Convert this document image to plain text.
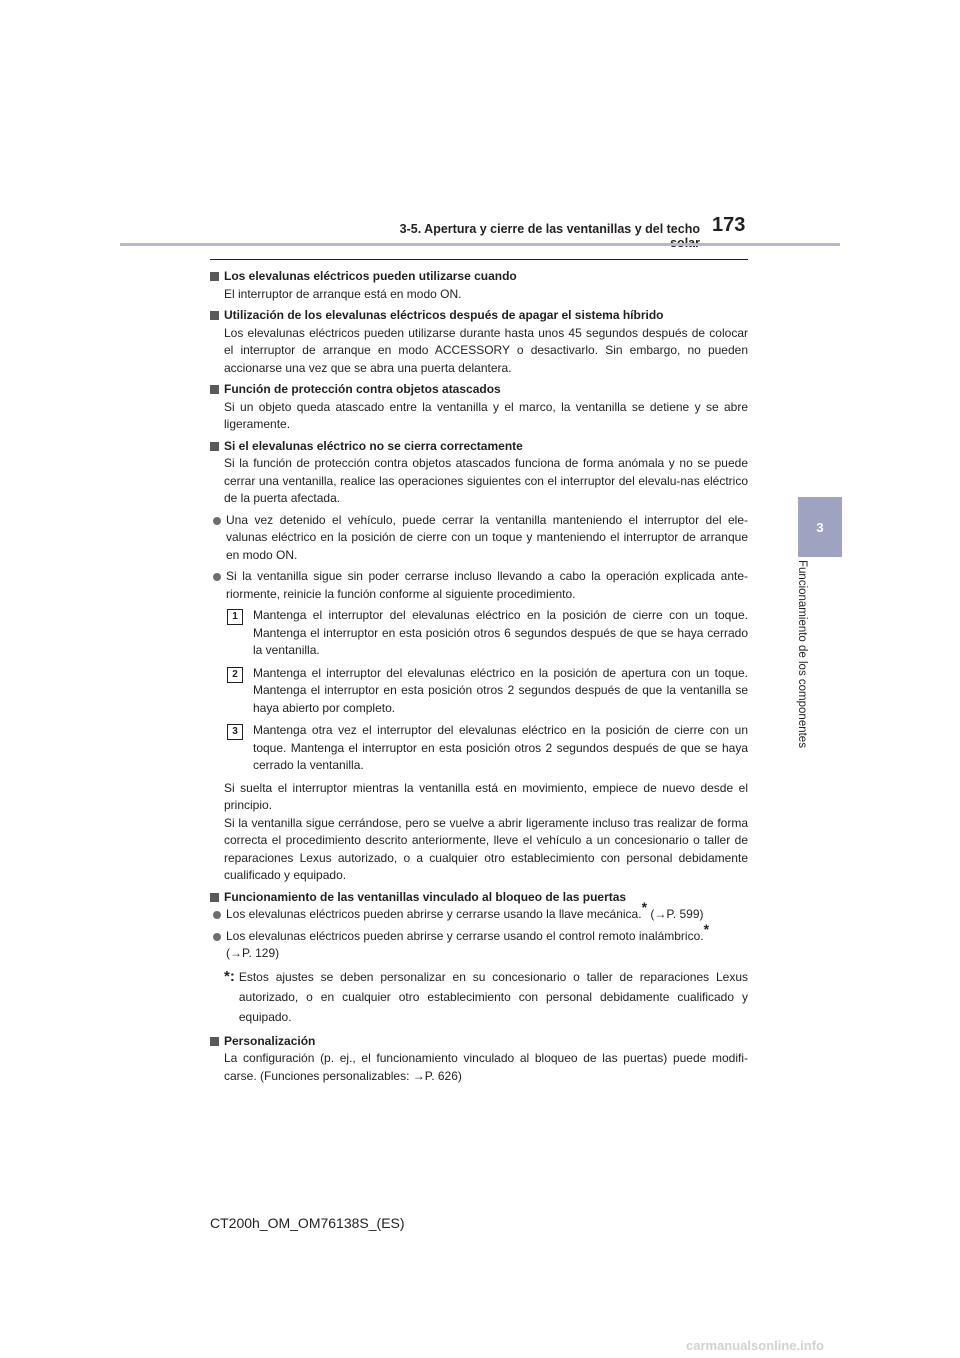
3-5. Apertura y cierre de las ventanillas y del techo 173
3
Funcionamiento de los componentes
Los elevalunas eléctricos pueden utilizarse cuando
El interruptor de arranque está en modo ON.
Utilización de los elevalunas eléctricos después de apagar el sistema híbrido
Los elevalunas eléctricos pueden utilizarse durante hasta unos 45 segundos después de colocar el interruptor de arranque en modo ACCESSORY o desactivarlo. Sin embargo, no pueden accionarse una vez que se abra una puerta delantera.
Función de protección contra objetos atascados
Si un objeto queda atascado entre la ventanilla y el marco, la ventanilla se detiene y se abre ligeramente.
Si el elevalunas eléctrico no se cierra correctamente
Si la función de protección contra objetos atascados funciona de forma anómala y no se puede cerrar una ventanilla, realice las operaciones siguientes con el interruptor del elevalu-nas eléctrico de la puerta afectada.
Una vez detenido el vehículo, puede cerrar la ventanilla manteniendo el interruptor del ele-valunas eléctrico en la posición de cierre con un toque y manteniendo el interruptor de arranque en modo ON.
Si la ventanilla sigue sin poder cerrarse incluso llevando a cabo la operación explicada ante-riormente, reinicie la función conforme al siguiente procedimiento.
1	Mantenga el interruptor del elevalunas eléctrico en la posición de cierre con un toque. Mantenga el interruptor en esta posición otros 6 segundos después de que se haya cerrado la ventanilla.
2	Mantenga el interruptor del elevalunas eléctrico en la posición de apertura con un toque. Mantenga el interruptor en esta posición otros 2 segundos después de que la ventanilla se haya abierto por completo.
3	Mantenga otra vez el interruptor del elevalunas eléctrico en la posición de cierre con un toque. Mantenga el interruptor en esta posición otros 2 segundos después de que se haya cerrado la ventanilla.
Si suelta el interruptor mientras la ventanilla está en movimiento, empiece de nuevo desde el principio.
Si la ventanilla sigue cerrándose, pero se vuelve a abrir ligeramente incluso tras realizar de forma correcta el procedimiento descrito anteriormente, lleve el vehículo a un concesionario o taller de reparaciones Lexus autorizado, o a cualquier otro establecimiento con personal debidamente cualificado y equipado.
Funcionamiento de las ventanillas vinculado al bloqueo de las puertas
Los elevalunas eléctricos pueden abrirse y cerrarse usando la llave mecánica.* (→P. 599)
Los elevalunas eléctricos pueden abrirse y cerrarse usando el control remoto inalámbrico.*
(→P. 129)
*: Estos ajustes se deben personalizar en su concesionario o taller de reparaciones Lexus autorizado, o en cualquier otro establecimiento con personal debidamente cualificado y equipado.
Personalización
La configuración (p. ej., el funcionamiento vinculado al bloqueo de las puertas) puede modifi-carse. (Funciones personalizables: →P. 626)
CT200h_OM_OM76138S_(ES)
carmanualsonline.info
